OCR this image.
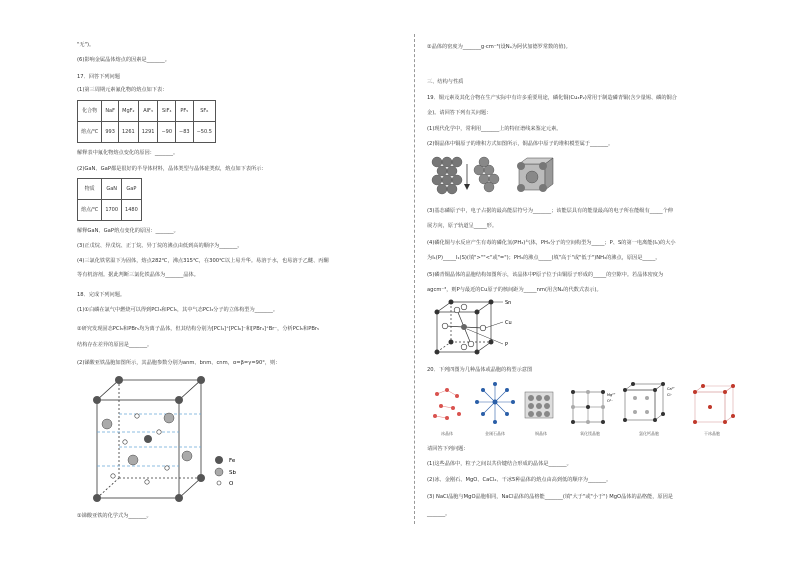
"无")。
(6)影响金属晶体熔点的因素是_______。
17．回答下列问题
(1)第三周期元素氟化物的熔点如下表：
化合物	NaF	MgF₂	AlF₃	SiF₄	PF₅	SF₆
熔点/℃	993	1261	1291	−90	−83	−50.5
解释表中氟化物熔点变化的原因：_______。
(2)GaN、GaP都是很好的半导体材料，晶体类型与晶体硅类似，熔点如下表所示：
物质	GaN	GaP
熔点/℃	1700	1480
解释GaN、GaP熔点变化的原因：_______。
(3)正戊烷、异戊烷、正丁烷、异丁烷的沸点由低到高的顺序为_______。
(4)三氯化铁常温下为固体，熔点282℃，沸点315℃，在300℃以上易升华。易溶于水，也易溶于乙醚、丙酮
等有机溶剂。据此判断三氯化铁晶体为_______晶体。
18．完成下列问题。
(1)①白磷在氯气中燃烧可以得到PCl₃和PCl₅，其中气态PCl₃分子的立体构型为_______。
②研究发现固态PCl₅和PBr₅均为离子晶体，但其结构分别为[PCl₄]⁺[PCl₆]⁻和[PBr₄]⁺Br⁻，分析PCl₅和PBr₅
结构存在差异的原因是_______。
(2)锑酸亚铁晶胞如图所示，其晶胞参数分别为anm、bnm、cnm，α=β=γ=90°，则：
Fe
Sb
O
①锑酸亚铁的化学式为_______。
②晶体的密度为_______g·cm⁻³(设Nₐ为阿伏加德罗常数的值)。
三、结构与性质
19．铜元素及其化合物在生产实际中有许多重要用途，磷化铜(Cu₃P₂)常用于制造磷青铜(含少量锡、磷的铜合
金)。请回答下列有关问题：
(1)现代化学中，常利用_______上的特征谱线来鉴定元素。
(2)铜晶体中铜原子的堆积方式如图所示，铜晶体中原子的堆积模型属于_______。
(3)基态磷原子中，电子占据的最高能层符号为_______；该能层具有的能量最高的电子所在能级有_____个伸
展方向，原子轨道呈_____形。
(4)磷化铜与水反应产生有毒的磷化氢(PH₃)气体，PH₃分子的空间构型为_____；P、S的第一电离能(I₁)的大小
为I₁(P)_____I₁(S)(填">""<"或"=")；PH₃的沸点_____(填"高于"或"低于")NH₃的沸点，原因是_____。
(5)磷青铜晶体的晶胞结构如图所示，该晶体中P原子位于由铜原子形成的_____的空隙中。若晶体密度为
agcm⁻³，则P与最近的Cu原子的核间距为_____nm(用含Nₐ的代数式表示)。
Sn
Cu
P
20．下列四图为几种晶体或晶胞的构型示意图
Mg²⁺
O²⁻
Ca²⁺
Cl⁻
冰晶体	金刚石晶体	铜晶体	氧化镁晶胞	氯化钙晶胞	干冰晶胞
请回答下列问题：
(1)这些晶体中，粒子之间以共价键结合形成的晶体是_______。
(2)冰、金刚石、MgO、CaCl₂、干冰5种晶体的熔点由高到低的顺序为_______。
(3) NaCl晶胞与MgO晶胞相同，NaCl晶体的晶格能_______(填"大于"或"小于") MgO晶体的晶格能，原因是
_______。
